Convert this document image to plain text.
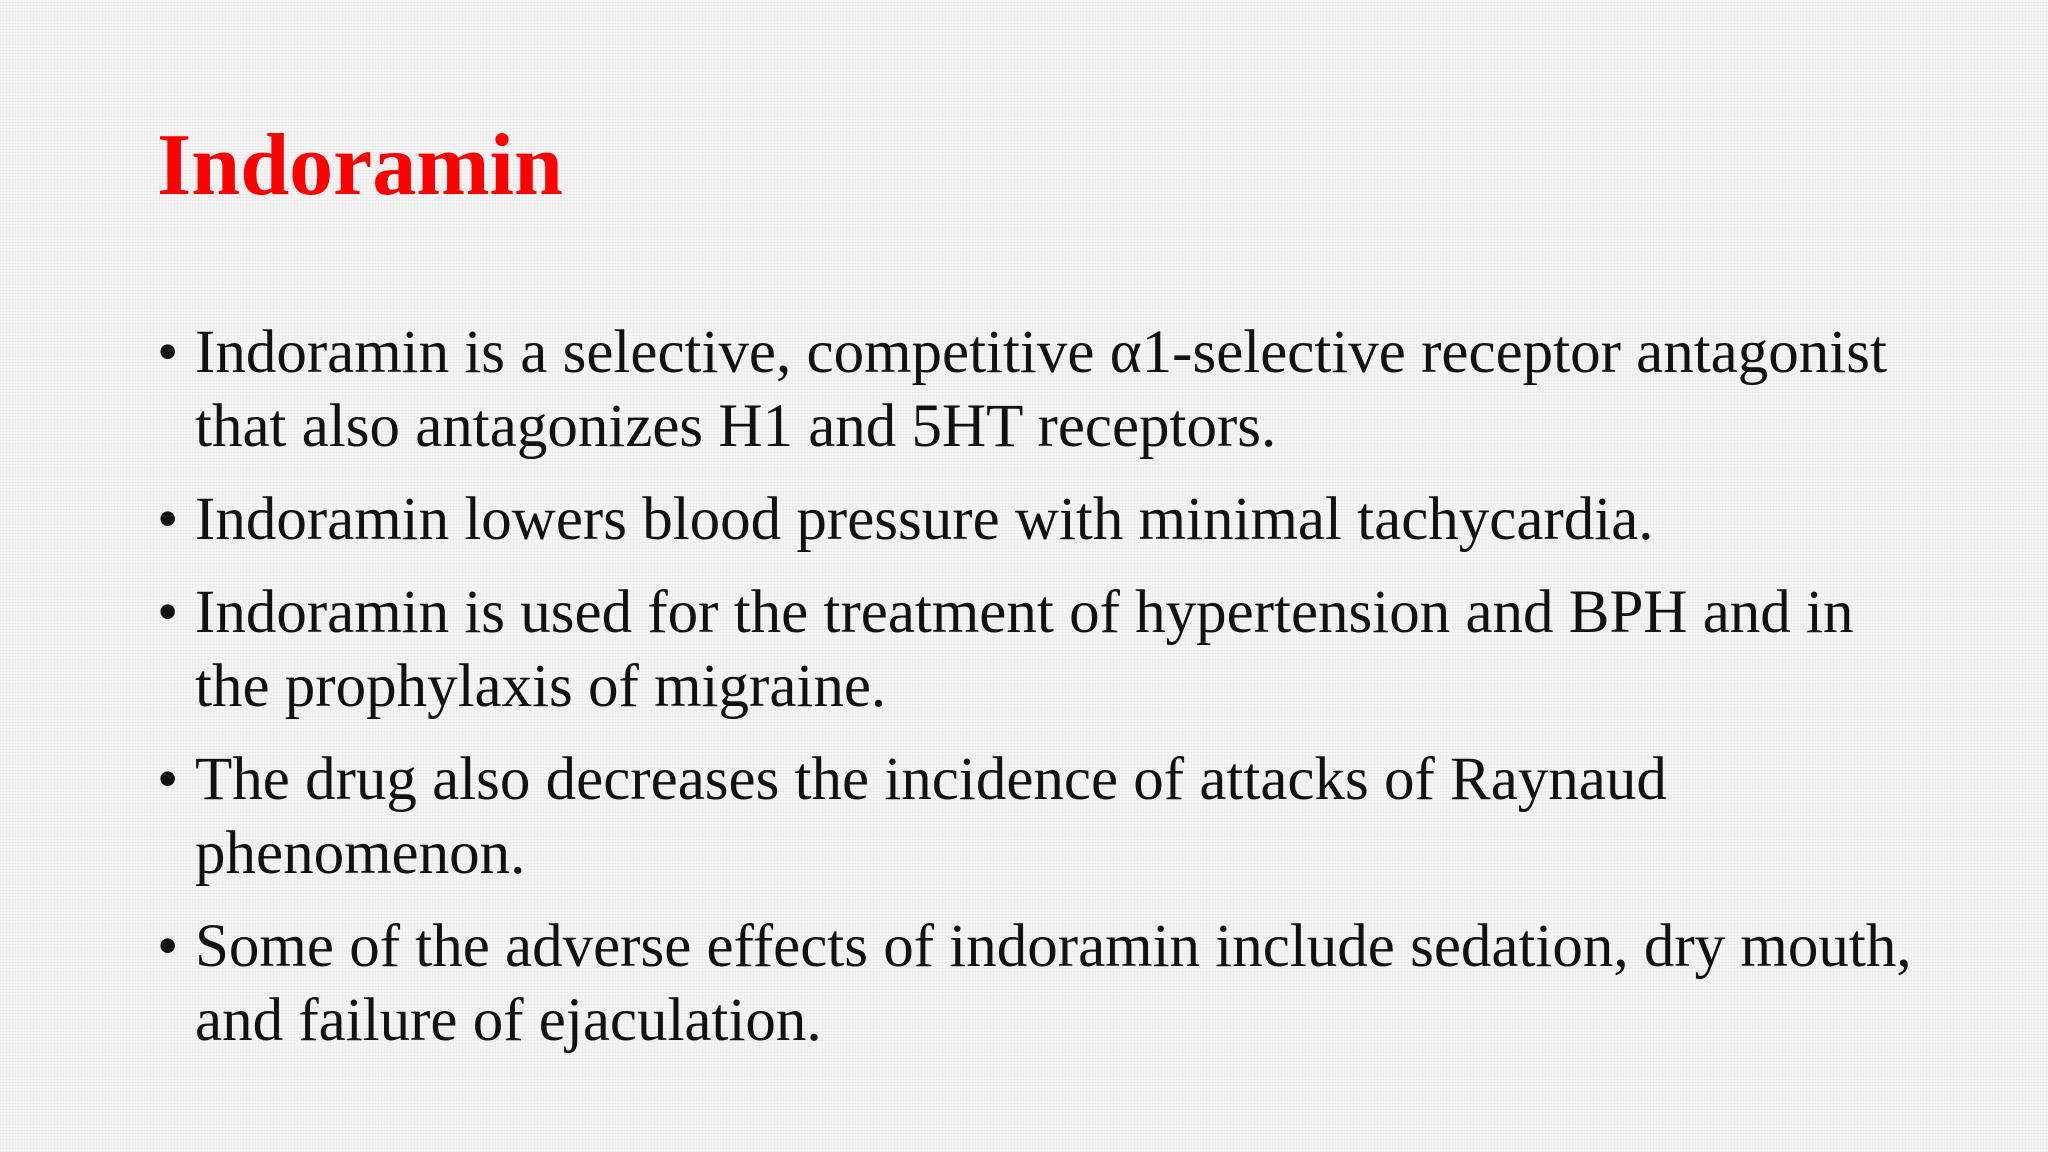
Indoramin
• Indoramin is a selective, competitive α1-selective receptor antagonist that also antagonizes H1 and 5HT receptors.
• Indoramin lowers blood pressure with minimal tachycardia.
• Indoramin is used for the treatment of hypertension and BPH and in the prophylaxis of migraine.
• The drug also decreases the incidence of attacks of Raynaud phenomenon.
• Some of the adverse effects of indoramin include sedation, dry mouth, and failure of ejaculation.
